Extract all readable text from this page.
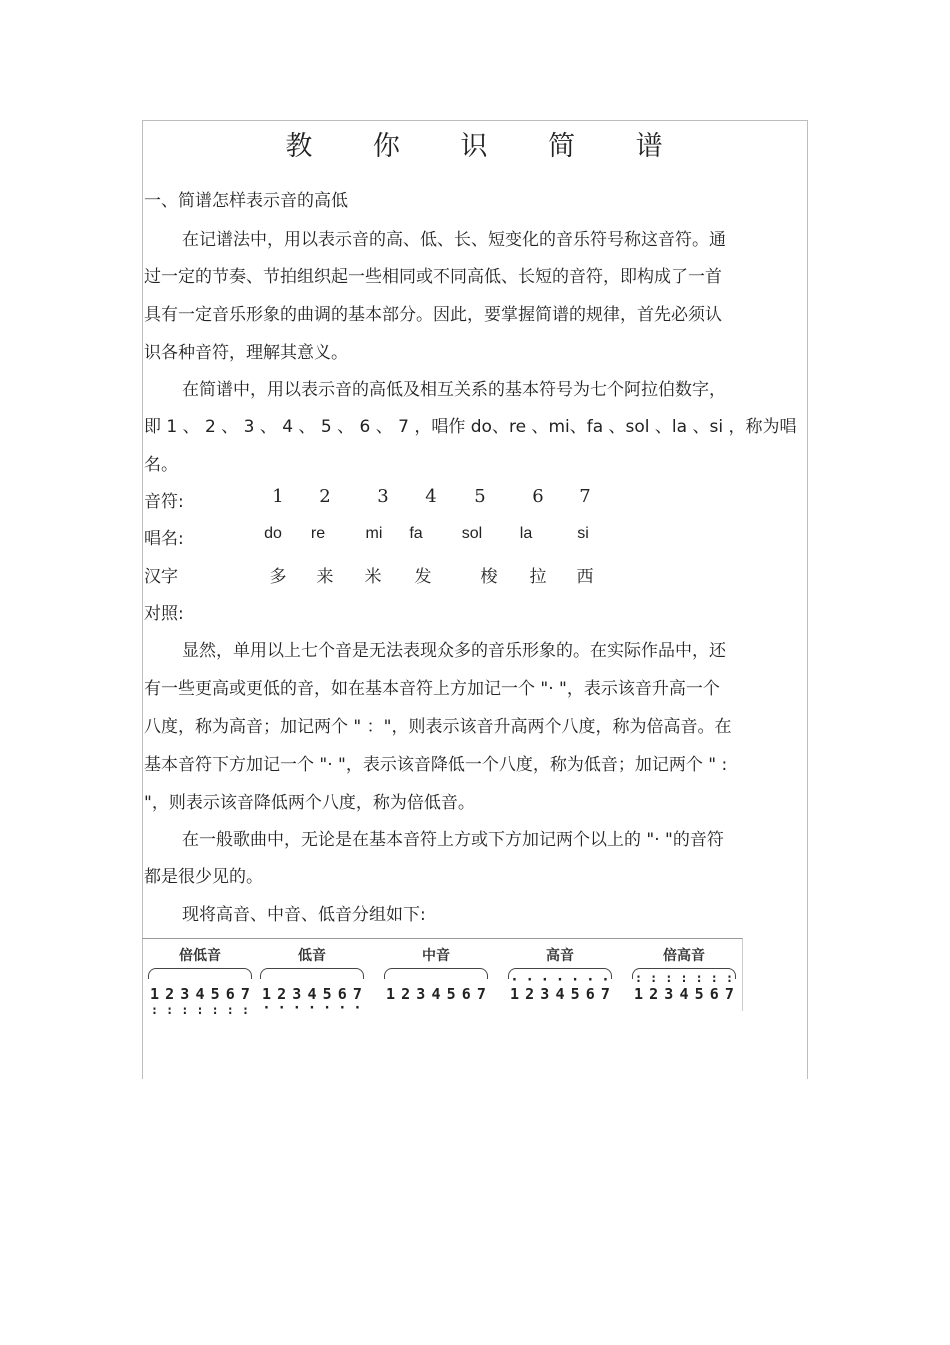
教 你 识 简 谱
一、简谱怎样表示音的高低
在记谱法中，用以表示音的高、低、长、短变化的音乐符号称这音符。通
过一定的节奏、节拍组织起一些相同或不同高低、长短的音符，即构成了一首
具有一定音乐形象的曲调的基本部分。因此，要掌握简谱的规律，首先必须认
识各种音符，理解其意义。
在简谱中，用以表示音的高低及相互关系的基本符号为七个阿拉伯数字，
即 1 、 2 、 3 、 4 、 5 、 6 、 7 ，唱作 do、re 、mi、fa 、sol 、la 、si ，称为唱
名。
音符:	1	2	3	4	5	6	7
唱名:	do	re	mi	fa	sol	la	si
汉字	多	来	米	发	梭	拉	西
对照:
显然，单用以上七个音是无法表现众多的音乐形象的。在实际作品中，还
有一些更高或更低的音，如在基本音符上方加记一个 "· "，表示该音升高一个
八度，称为高音；加记两个 " ："，则表示该音升高两个八度，称为倍高音。在
基本音符下方加记一个 "· "，表示该音降低一个八度，称为低音；加记两个 " :
"，则表示该音降低两个八度，称为倍低音。
在一般歌曲中，无论是在基本音符上方或下方加记两个以上的 "· "的音符
都是很少见的。
现将高音、中音、低音分组如下:
倍低音
1 : 2 : 3 : 4 : 5 : 6 : 7 :
低音
1 · 2 · 3 · 4 · 5 · 6 · 7 ·
中音
1 2 3 4 5 6 7
高音
· 1 · 2 · 3 · 4 · 5 · 6 · 7
倍高音
: 1 : 2 : 3 : 4 : 5 : 6 : 7
